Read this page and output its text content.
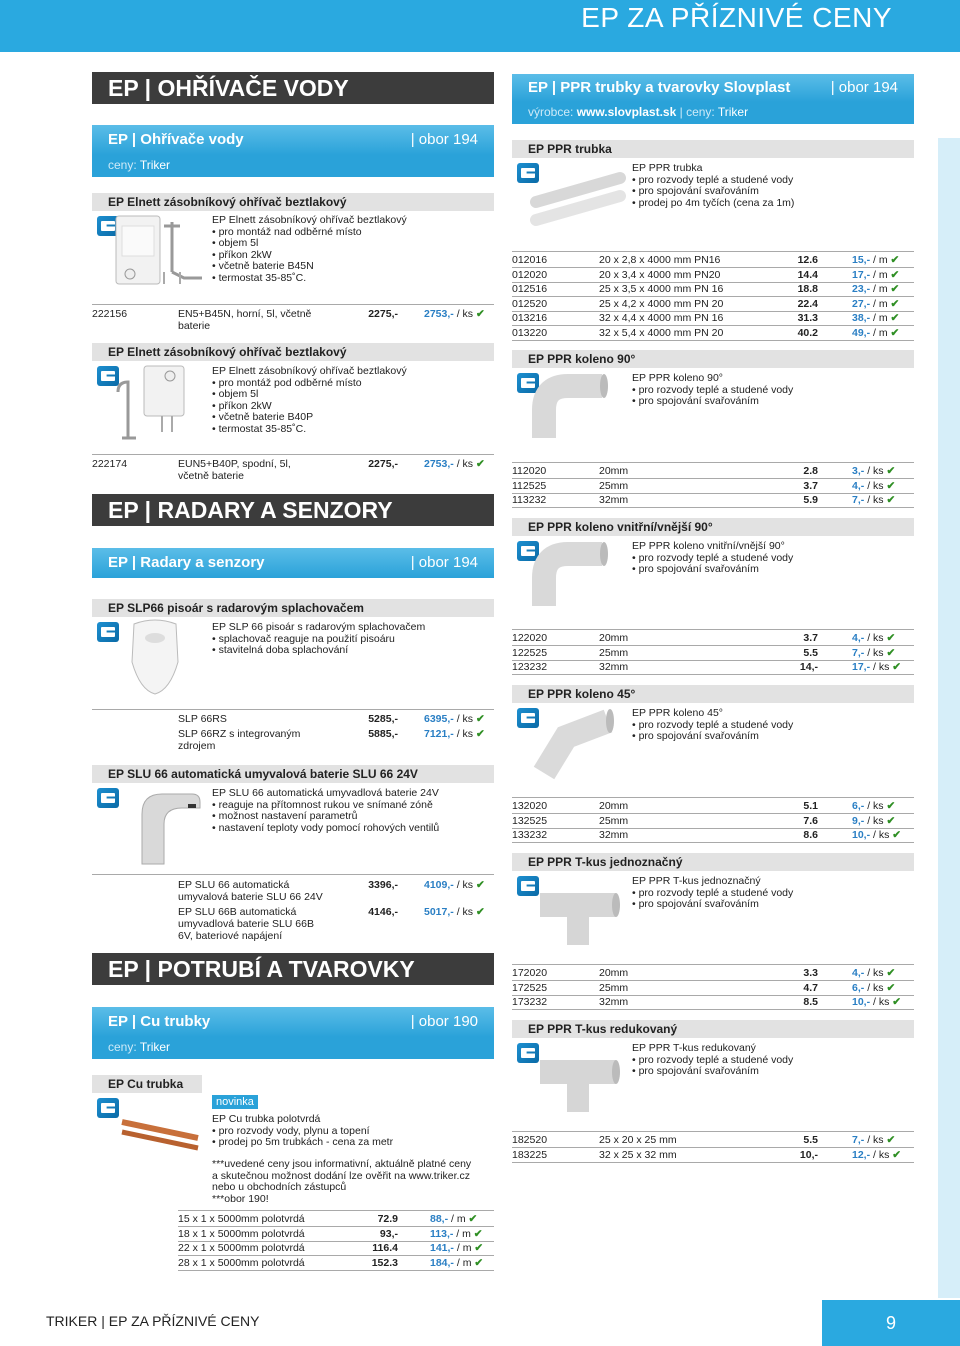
EP ZA PŘÍZNIVÉ CENY
EP | OHŘÍVAČE VODY
EP | Ohřívače vody	| obor 194
ceny: Triker
EP Elnett zásobníkový ohřívač beztlakový
EP Elnett zásobníkový ohřívač beztlakový
• pro montáž nad odběrné místo
• objem 5l
• příkon 2kW
• včetně baterie B45N
• termostat 35-85˚C.
222156	EN5+B45N, horní, 5l, včetně
baterie
2275,- 2753,- / ks ✔
EP Elnett zásobníkový ohřívač beztlakový
EP Elnett zásobníkový ohřívač beztlakový
• pro montáž pod odběrné místo
• objem 5l
• příkon 2kW
• včetně baterie B40P
• termostat 35-85˚C.
222174	EUN5+B40P, spodní, 5l,
včetně baterie
2275,- 2753,- / ks ✔
EP | RADARY A SENZORY
EP | Radary a senzory	| obor 194
EP SLP66 pisoár s radarovým splachovačem
EP SLP 66 pisoár s radarovým splachovačem
• splachovač reaguje na použití pisoáru
• stavitelná doba splachování
SLP 66RS	5285,- 6395,- / ks ✔
SLP 66RZ s integrovaným
zdrojem
5885,- 7121,- / ks ✔
EP SLU 66 automatická umyvalová baterie SLU 66 24V
EP SLU 66 automatická umyvadlová baterie 24V
• reaguje na přítomnost rukou ve snímané zóně
• možnost nastavení parametrů
• nastavení teploty vody pomocí rohových ventilů
EP SLU 66 automatická
umyvalová baterie SLU 66 24V
3396,- 4109,- / ks ✔
EP SLU 66B automatická
umyvadlová baterie SLU 66B
6V, bateriové napájení
4146,- 5017,- / ks ✔
EP | POTRUBÍ A TVAROVKY
EP | Cu trubky	| obor 190
ceny: Triker
EP Cu trubka
novinka
EP Cu trubka polotvrdá
• pro rozvody vody, plynu a topení
• prodej po 5m trubkách - cena za metr
***uvedené ceny jsou informativní, aktuálně platné ceny
a skutečnou možnost dodání lze ověřit na www.triker.cz
nebo u obchodních zástupců
***obor 190!
15 x 1 x 5000mm polotvrdá	72.9	88,- / m ✔
18 x 1 x 5000mm polotvrdá	93,-	113,- / m ✔
22 x 1 x 5000mm polotvrdá	116.4	141,- / m ✔
28 x 1 x 5000mm polotvrdá	152.3	184,- / m ✔
EP | PPR trubky a tvarovky Slovplast	| obor 194
výrobce: www.slovplast.sk | ceny: Triker
EP PPR trubka
EP PPR trubka
• pro rozvody teplé a studené vody
• pro spojování svařováním
• prodej po 4m tyčích (cena za 1m)
012016	20 x 2,8 x 4000 mm PN16	12.6	15,- / m ✔
012020	20 x 3,4 x 4000 mm PN20	14.4	17,- / m ✔
012516	25 x 3,5 x 4000 mm PN 16	18.8	23,- / m ✔
012520	25 x 4,2 x 4000 mm PN 20	22.4	27,- / m ✔
013216	32 x 4,4 x 4000 mm PN 16	31.3	38,- / m ✔
013220	32 x 5,4 x 4000 mm PN 20	40.2	49,- / m ✔
EP PPR koleno 90°
EP PPR koleno 90°
• pro rozvody teplé a studené vody
• pro spojování svařováním
112020	20mm	2.8	3,- / ks ✔
112525	25mm	3.7	4,- / ks ✔
113232	32mm	5.9	7,- / ks ✔
EP PPR koleno vnitřní/vnější 90°
EP PPR koleno vnitřní/vnější 90°
• pro rozvody teplé a studené vody
• pro spojování svařováním
122020	20mm	3.7	4,- / ks ✔
122525	25mm	5.5	7,- / ks ✔
123232	32mm	14,-	17,- / ks ✔
EP PPR koleno 45°
EP PPR koleno 45°
• pro rozvody teplé a studené vody
• pro spojování svařováním
132020	20mm	5.1	6,- / ks ✔
132525	25mm	7.6	9,- / ks ✔
133232	32mm	8.6	10,- / ks ✔
EP PPR T-kus jednoznačný
EP PPR T-kus jednoznačný
• pro rozvody teplé a studené vody
• pro spojování svařováním
172020	20mm	3.3	4,- / ks ✔
172525	25mm	4.7	6,- / ks ✔
173232	32mm	8.5	10,- / ks ✔
EP PPR T-kus redukovaný
EP PPR T-kus redukovaný
• pro rozvody teplé a studené vody
• pro spojování svařováním
182520	25 x 20 x 25 mm	5.5	7,- / ks ✔
183225	32 x 25 x 32 mm	10,-	12,- / ks ✔
TRIKER | EP ZA PŘÍZNIVÉ CENY	9
